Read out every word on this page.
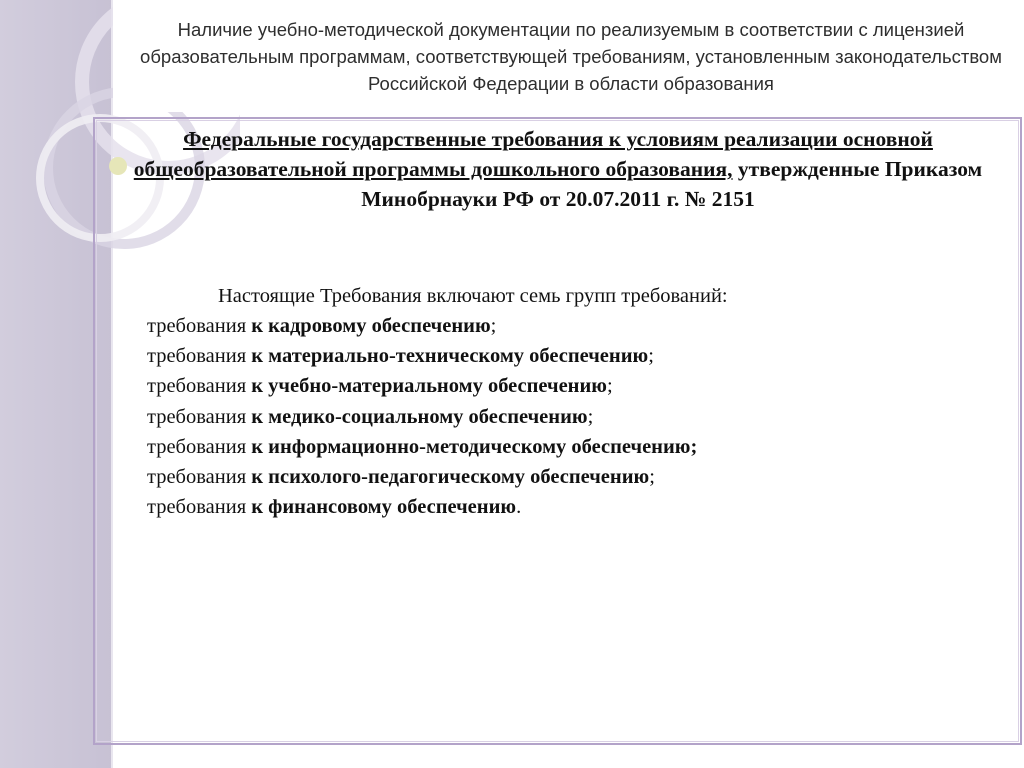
Наличие учебно-методической документации по реализуемым в соответствии с лицензией образовательным программам, соответствующей требованиям, установленным законодательством Российской Федерации в области образования

Федеральные государственные требования к условиям реализации основной общеобразовательной программы дошкольного образования, утвержденные Приказом Минобрнауки РФ от 20.07.2011 г. № 2151

Настоящие Требования включают семь групп требований:

требования к кадровому обеспечению;
требования к материально-техническому обеспечению;
требования к учебно-материальному обеспечению;
требования к медико-социальному обеспечению;
требования к информационно-методическому обеспечению;
требования к психолого-педагогическому обеспечению;
требования к финансовому обеспечению.
